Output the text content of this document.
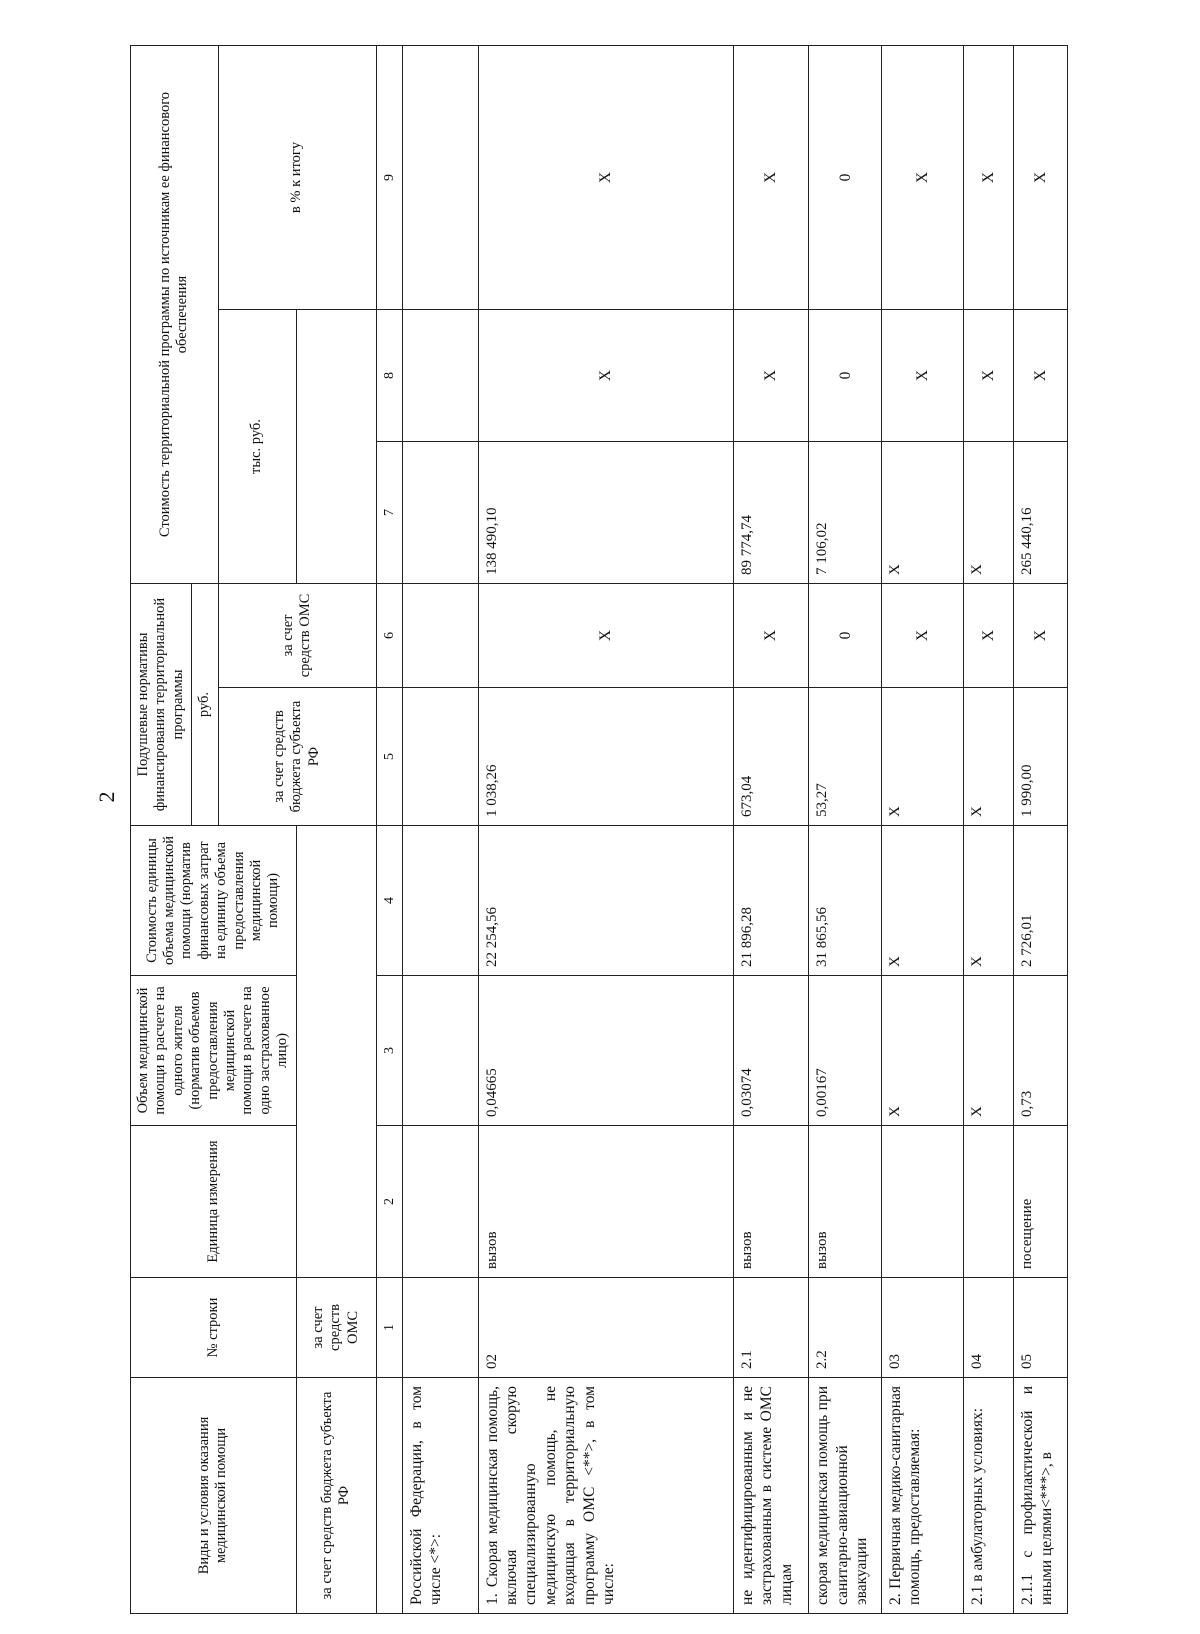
2
Виды и условия оказания медицинской помощи	№ строки	Единица измерения	Объем медицинской помощи в расчете на одного жителя (норматив объемов предоставления медицинской помощи в расчете на одно застрахованное лицо)	Стоимость единицы объема медицинской помощи (норматив финансовых затрат на единицу объема предоставления медицинской помощи)	Подушевые нормативы финансирования территориальной программы		Стоимость территориальной программы по источникам ее финансового обеспечения		
					руб.				
					за счет средств бюджета субъекта РФ	за счет средств ОМС	тыс. руб.		в % к итогу
за счет средств бюджета субъекта РФ	за счет средств ОМС								
	1	2	3	4	5	6	7	8	9
Российской Федерации, в том числе <*>:									
1. Скорая медицинская помощь, включая скорую специализированную медицинскую помощь, не входящая в территориальную программу ОМС <**>, в том числе:	02	вызов	0,04665	22 254,56	1 038,26	Х	138 490,10	Х	Х
не идентифицированным и не застрахованным в системе ОМС лицам	2.1	вызов	0,03074	21 896,28	673,04	Х	89 774,74	Х	Х
скорая медицинская помощь при санитарно-авиационной эвакуации	2.2	вызов	0,00167	31 865,56	53,27	0	7 106,02	0	0
2. Первичная медико-санитарная помощь, предоставляемая:	03		Х	Х	Х	Х	Х	Х	Х
2.1 в амбулаторных условиях:	04		Х	Х	Х	Х	Х	Х	Х
2.1.1 с профилактической и иными целями<***>, в	05	посещение	0,73	2 726,01	1 990,00	Х	265 440,16	Х	Х
